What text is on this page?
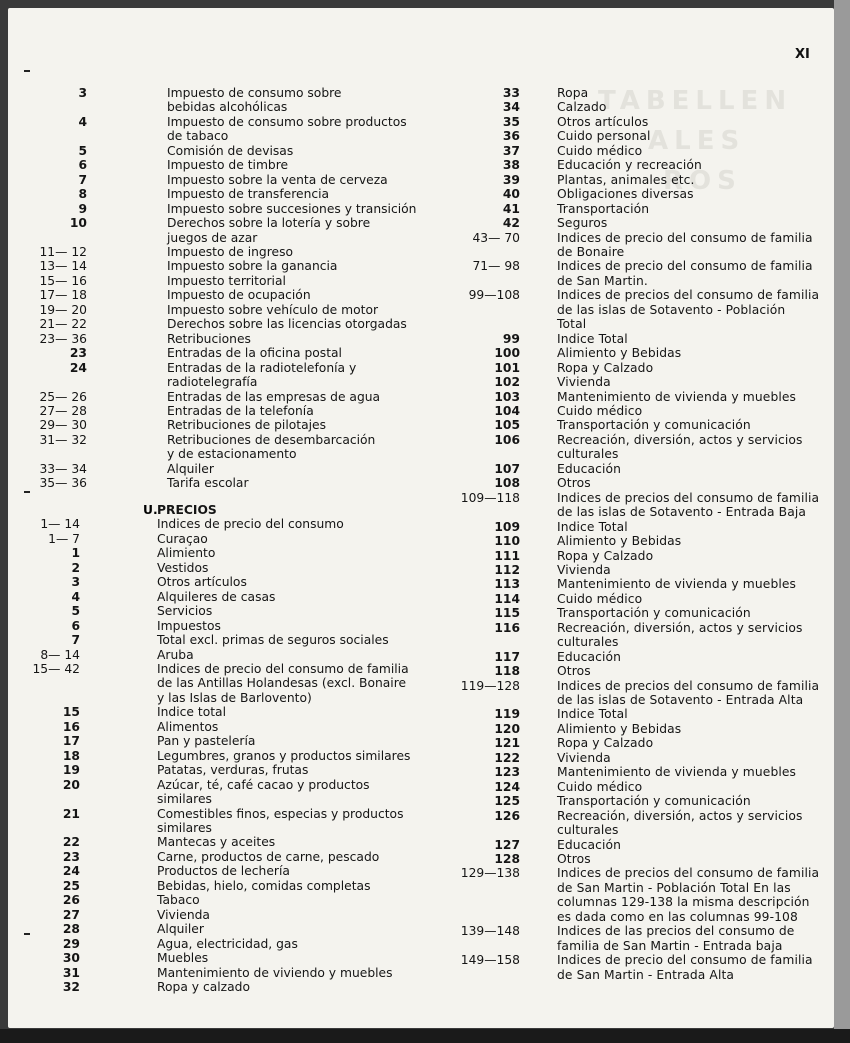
TABELLEN
ALES
ROS
XI
3	Impuesto de consumo sobre
bebidas alcohólicas
4	Impuesto de consumo sobre productos
de tabaco
5	Comisión de devisas
6	Impuesto de timbre
7	Impuesto sobre la venta de cerveza
8	Impuesto de transferencia
9	Impuesto sobre succesiones y transición
10	Derechos sobre la lotería y sobre
juegos de azar
11— 12	Impuesto de ingreso
13— 14	Impuesto sobre la ganancia
15— 16	Impuesto territorial
17— 18	Impuesto de ocupación
19— 20	Impuesto sobre vehículo de motor
21— 22	Derechos sobre las licencias otorgadas
23— 36	Retribuciones
23	Entradas de la oficina postal
24	Entradas de la radiotelefonía y
radiotelegrafía
25— 26	Entradas de las empresas de agua
27— 28	Entradas de la telefonía
29— 30	Retribuciones de pilotajes
31— 32	Retribuciones de desembarcación
y de estacionamento
33— 34	Alquiler
35— 36	Tarifa escolar
U. PRECIOS
1— 14	Indices de precio del consumo
1— 7	Curaçao
1	Alimiento
2	Vestidos
3	Otros artículos
4	Alquileres de casas
5	Servicios
6	Impuestos
7	Total excl. primas de seguros sociales
8— 14	Aruba
15— 42	Indices de precio del consumo de familia
de las Antillas Holandesas (excl. Bonaire
y las Islas de Barlovento)
15	Indice total
16	Alimentos
17	Pan y pastelería
18	Legumbres, granos y productos similares
19	Patatas, verduras, frutas
20	Azúcar, té, café cacao y productos
similares
21	Comestibles finos, especias y productos
similares
22	Mantecas y aceites
23	Carne, productos de carne, pescado
24	Productos de lechería
25	Bebidas, hielo, comidas completas
26	Tabaco
27	Vivienda
28	Alquiler
29	Agua, electricidad, gas
30	Muebles
31	Mantenimiento de viviendo y muebles
32	Ropa y calzado
33	Ropa
34	Calzado
35	Otros artículos
36	Cuido personal
37	Cuido médico
38	Educación y recreación
39	Plantas, animales etc.
40	Obligaciones diversas
41	Transportación
42	Seguros
43— 70	Indices de precio del consumo de familia
de Bonaire
71— 98	Indices de precio del consumo de familia
de San Martin.
99—108	Indices de precios del consumo de familia
de las islas de Sotavento - Población
Total
99	Indice Total
100	Alimiento y Bebidas
101	Ropa y Calzado
102	Vivienda
103	Mantenimiento de vivienda y muebles
104	Cuido médico
105	Transportación y comunicación
106	Recreación, diversión, actos y servicios
culturales
107	Educación
108	Otros
109—118	Indices de precios del consumo de familia
de las islas de Sotavento - Entrada Baja
109	Indice Total
110	Alimiento y Bebidas
111	Ropa y Calzado
112	Vivienda
113	Mantenimiento de vivienda y muebles
114	Cuido médico
115	Transportación y comunicación
116	Recreación, diversión, actos y servicios
culturales
117	Educación
118	Otros
119—128	Indices de precios del consumo de familia
de las islas de Sotavento - Entrada Alta
119	Indice Total
120	Alimiento y Bebidas
121	Ropa y Calzado
122	Vivienda
123	Mantenimiento de vivienda y muebles
124	Cuido médico
125	Transportación y comunicación
126	Recreación, diversión, actos y servicios
culturales
127	Educación
128	Otros
129—138	Indices de precios del consumo de familia
de San Martin - Población Total En las
columnas 129-138 la misma descripción
es dada como en las columnas 99-108
139—148	Indices de las precios del consumo de
familia de San Martin - Entrada baja
149—158	Indices de precio del consumo de familia
de San Martin - Entrada Alta
